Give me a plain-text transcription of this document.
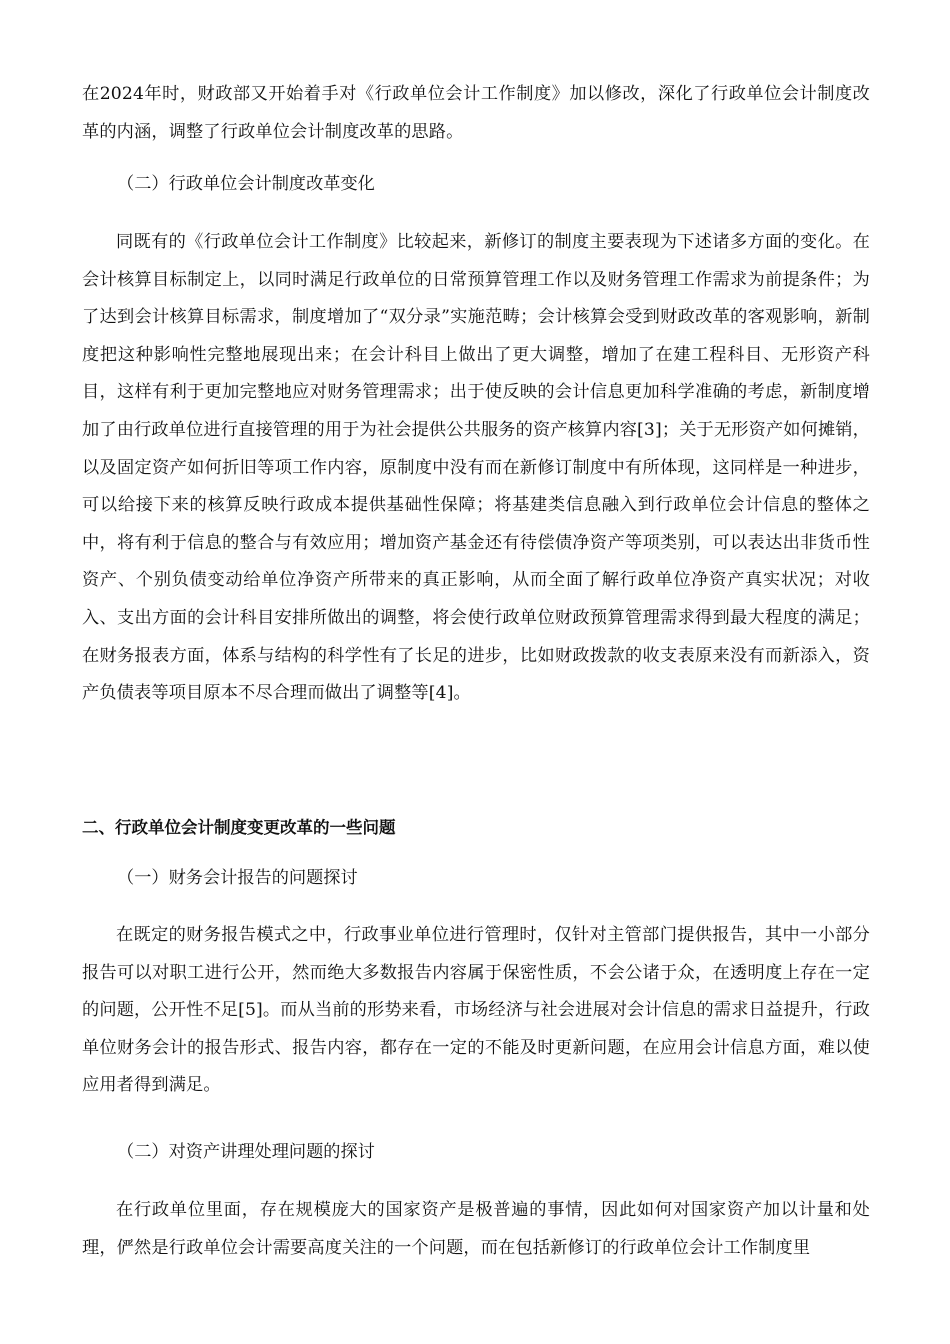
在2024年时，财政部又开始着手对《行政单位会计工作制度》加以修改，深化了行政单位会计制度改革的内涵，调整了行政单位会计制度改革的思路。

（二）行政单位会计制度改革变化

同既有的《行政单位会计工作制度》比较起来，新修订的制度主要表现为下述诸多方面的变化。在会计核算目标制定上，以同时满足行政单位的日常预算管理工作以及财务管理工作需求为前提条件；为了达到会计核算目标需求，制度增加了“双分录”实施范畴；会计核算会受到财政改革的客观影响，新制度把这种影响性完整地展现出来；在会计科目上做出了更大调整，增加了在建工程科目、无形资产科目，这样有利于更加完整地应对财务管理需求；出于使反映的会计信息更加科学准确的考虑，新制度增加了由行政单位进行直接管理的用于为社会提供公共服务的资产核算内容[3]；关于无形资产如何摊销，以及固定资产如何折旧等项工作内容，原制度中没有而在新修订制度中有所体现，这同样是一种进步，可以给接下来的核算反映行政成本提供基础性保障；将基建类信息融入到行政单位会计信息的整体之中，将有利于信息的整合与有效应用；增加资产基金还有待偿债净资产等项类别，可以表达出非货币性资产、个别负债变动给单位净资产所带来的真正影响，从而全面了解行政单位净资产真实状况；对收入、支出方面的会计科目安排所做出的调整，将会使行政单位财政预算管理需求得到最大程度的满足；在财务报表方面，体系与结构的科学性有了长足的进步，比如财政拨款的收支表原来没有而新添入，资产负债表等项目原本不尽合理而做出了调整等[4]。

二、行政单位会计制度变更改革的一些问题

（一）财务会计报告的问题探讨

在既定的财务报告模式之中，行政事业单位进行管理时，仅针对主管部门提供报告，其中一小部分报告可以对职工进行公开，然而绝大多数报告内容属于保密性质，不会公诸于众，在透明度上存在一定的问题，公开性不足[5]。而从当前的形势来看，市场经济与社会进展对会计信息的需求日益提升，行政单位财务会计的报告形式、报告内容，都存在一定的不能及时更新问题，在应用会计信息方面，难以使应用者得到满足。

（二）对资产讲理处理问题的探讨

在行政单位里面，存在规模庞大的国家资产是极普遍的事情，因此如何对国家资产加以计量和处理，俨然是行政单位会计需要高度关注的一个问题，而在包括新修订的行政单位会计工作制度里
